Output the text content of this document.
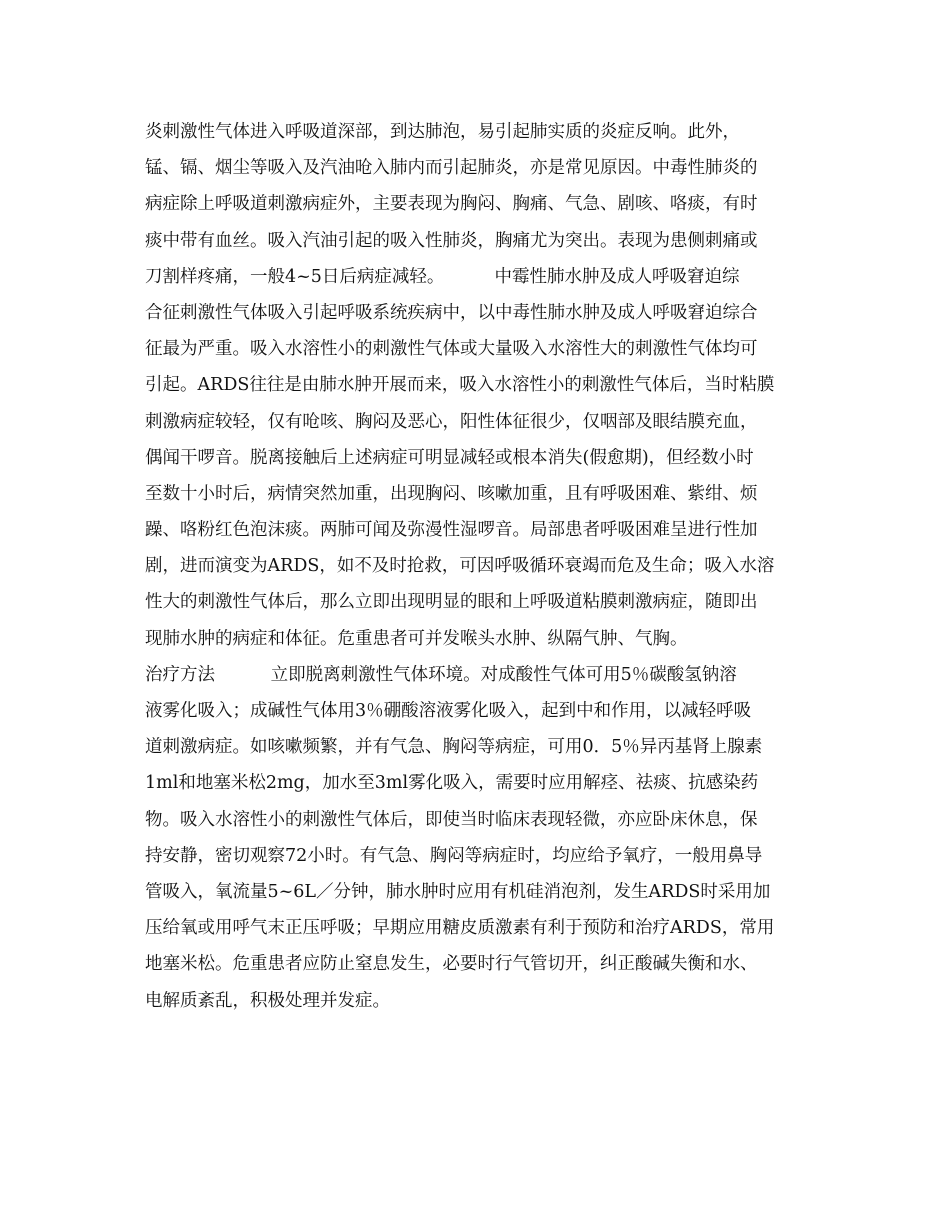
炎刺激性气体进入呼吸道深部，到达肺泡，易引起肺实质的炎症反响。此外，
锰、镉、烟尘等吸入及汽油呛入肺内而引起肺炎，亦是常见原因。中毒性肺炎的
病症除上呼吸道刺激病症外，主要表现为胸闷、胸痛、气急、剧咳、咯痰，有时
痰中带有血丝。吸入汽油引起的吸入性肺炎，胸痛尤为突出。表现为患侧刺痛或
刀割样疼痛，一般4~5日后病症减轻。         中霉性肺水肿及成人呼吸窘迫综
合征刺激性气体吸入引起呼吸系统疾病中，以中毒性肺水肿及成人呼吸窘迫综合
征最为严重。吸入水溶性小的刺激性气体或大量吸入水溶性大的刺激性气体均可
引起。ARDS往往是由肺水肿开展而来，吸入水溶性小的刺激性气体后，当时粘膜
刺激病症较轻，仅有呛咳、胸闷及恶心，阳性体征很少，仅咽部及眼结膜充血，
偶闻干啰音。脱离接触后上述病症可明显减轻或根本消失(假愈期)，但经数小时
至数十小时后，病情突然加重，出现胸闷、咳嗽加重，且有呼吸困难、紫绀、烦
躁、咯粉红色泡沫痰。两肺可闻及弥漫性湿啰音。局部患者呼吸困难呈进行性加
剧，进而演变为ARDS，如不及时抢救，可因呼吸循环衰竭而危及生命；吸入水溶
性大的刺激性气体后，那么立即出现明显的眼和上呼吸道粘膜刺激病症，随即出
现肺水肿的病症和体征。危重患者可并发喉头水肿、纵隔气肿、气胸。
治疗方法          立即脱离刺激性气体环境。对成酸性气体可用5％碳酸氢钠溶
液雾化吸入；成碱性气体用3％硼酸溶液雾化吸入，起到中和作用，以减轻呼吸
道刺激病症。如咳嗽频繁，并有气急、胸闷等病症，可用0．5％异丙基肾上腺素
1ml和地塞米松2mg，加水至3ml雾化吸入，需要时应用解痉、祛痰、抗感染药
物。吸入水溶性小的刺激性气体后，即使当时临床表现轻微，亦应卧床休息，保
持安静，密切观察72小时。有气急、胸闷等病症时，均应给予氧疗，一般用鼻导
管吸入，氧流量5~6L／分钟，肺水肿时应用有机硅消泡剂，发生ARDS时采用加
压给氧或用呼气末正压呼吸；早期应用糖皮质激素有利于预防和治疗ARDS，常用
地塞米松。危重患者应防止窒息发生，必要时行气管切开，纠正酸碱失衡和水、
电解质紊乱，积极处理并发症。
